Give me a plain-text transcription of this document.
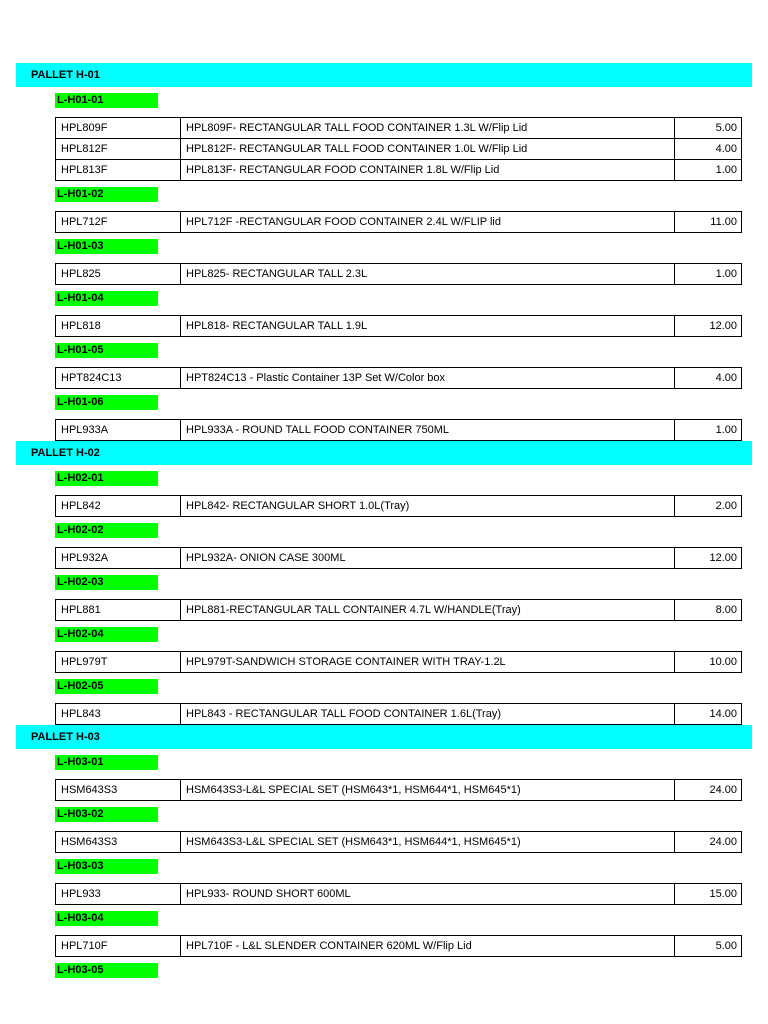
PALLET H-01
L-H01-01
HPL809F	HPL809F- RECTANGULAR TALL FOOD CONTAINER 1.3L W/Flip Lid	5.00
HPL812F	HPL812F- RECTANGULAR TALL FOOD CONTAINER 1.0L W/Flip Lid	4.00
HPL813F	HPL813F- RECTANGULAR FOOD CONTAINER 1.8L W/Flip Lid	1.00
L-H01-02
HPL712F	HPL712F -RECTANGULAR FOOD CONTAINER 2.4L W/FLIP lid	11.00
L-H01-03
HPL825	HPL825- RECTANGULAR TALL 2.3L	1.00
L-H01-04
HPL818	HPL818- RECTANGULAR TALL 1.9L	12.00
L-H01-05
HPT824C13	HPT824C13 - Plastic Container 13P Set W/Color box	4.00
L-H01-06
HPL933A	HPL933A - ROUND TALL FOOD CONTAINER 750ML	1.00
PALLET H-02
L-H02-01
HPL842	HPL842- RECTANGULAR SHORT 1.0L(Tray)	2.00
L-H02-02
HPL932A	HPL932A- ONION CASE 300ML	12.00
L-H02-03
HPL881	HPL881-RECTANGULAR TALL CONTAINER 4.7L W/HANDLE(Tray)	8.00
L-H02-04
HPL979T	HPL979T-SANDWICH STORAGE CONTAINER WITH TRAY-1.2L	10.00
L-H02-05
HPL843	HPL843 - RECTANGULAR TALL FOOD CONTAINER 1.6L(Tray)	14.00
PALLET H-03
L-H03-01
HSM643S3	HSM643S3-L&L SPECIAL SET (HSM643*1, HSM644*1, HSM645*1)	24.00
L-H03-02
HSM643S3	HSM643S3-L&L SPECIAL SET (HSM643*1, HSM644*1, HSM645*1)	24.00
L-H03-03
HPL933	HPL933- ROUND SHORT 600ML	15.00
L-H03-04
HPL710F	HPL710F - L&L SLENDER CONTAINER 620ML W/Flip Lid	5.00
L-H03-05
